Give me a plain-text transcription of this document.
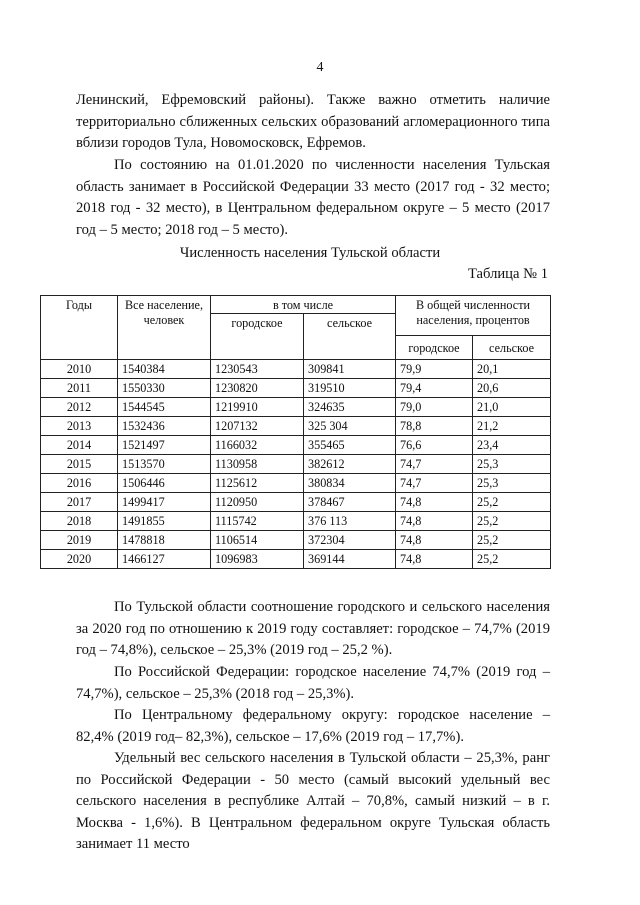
4

Ленинский, Ефремовский районы). Также важно отметить наличие территориально сближенных сельских образований агломерационного типа вблизи городов Тула, Новомосковск, Ефремов.

По состоянию на 01.01.2020 по численности населения Тульская область занимает в Российской Федерации 33 место (2017 год - 32 место; 2018 год - 32 место), в Центральном федеральном округе – 5 место (2017 год – 5 место; 2018 год – 5 место).

Численность населения Тульской области
Таблица № 1
Годы	Все население, человек	в том числе		В общей численности населения, процентов	
		городское	сельское		
				городское	сельское
2010	1540384	1230543	309841	79,9	20,1
2011	1550330	1230820	319510	79,4	20,6
2012	1544545	1219910	324635	79,0	21,0
2013	1532436	1207132	325 304	78,8	21,2
2014	1521497	1166032	355465	76,6	23,4
2015	1513570	1130958	382612	74,7	25,3
2016	1506446	1125612	380834	74,7	25,3
2017	1499417	1120950	378467	74,8	25,2
2018	1491855	1115742	376 113	74,8	25,2
2019	1478818	1106514	372304	74,8	25,2
2020	1466127	1096983	369144	74,8	25,2

По Тульской области соотношение городского и сельского населения за 2020 год по отношению к 2019 году составляет: городское – 74,7% (2019 год – 74,8%), сельское – 25,3% (2019 год – 25,2 %).

По Российской Федерации: городское население 74,7% (2019 год – 74,7%), сельское – 25,3% (2018 год – 25,3%).

По Центральному федеральному округу: городское население – 82,4% (2019 год– 82,3%), сельское – 17,6% (2019 год – 17,7%).

Удельный вес сельского населения в Тульской области – 25,3%, ранг по Российской Федерации - 50 место (самый высокий удельный вес сельского населения в республике Алтай – 70,8%, самый низкий – в г. Москва - 1,6%). В Центральном федеральном округе Тульская область занимает 11 место
